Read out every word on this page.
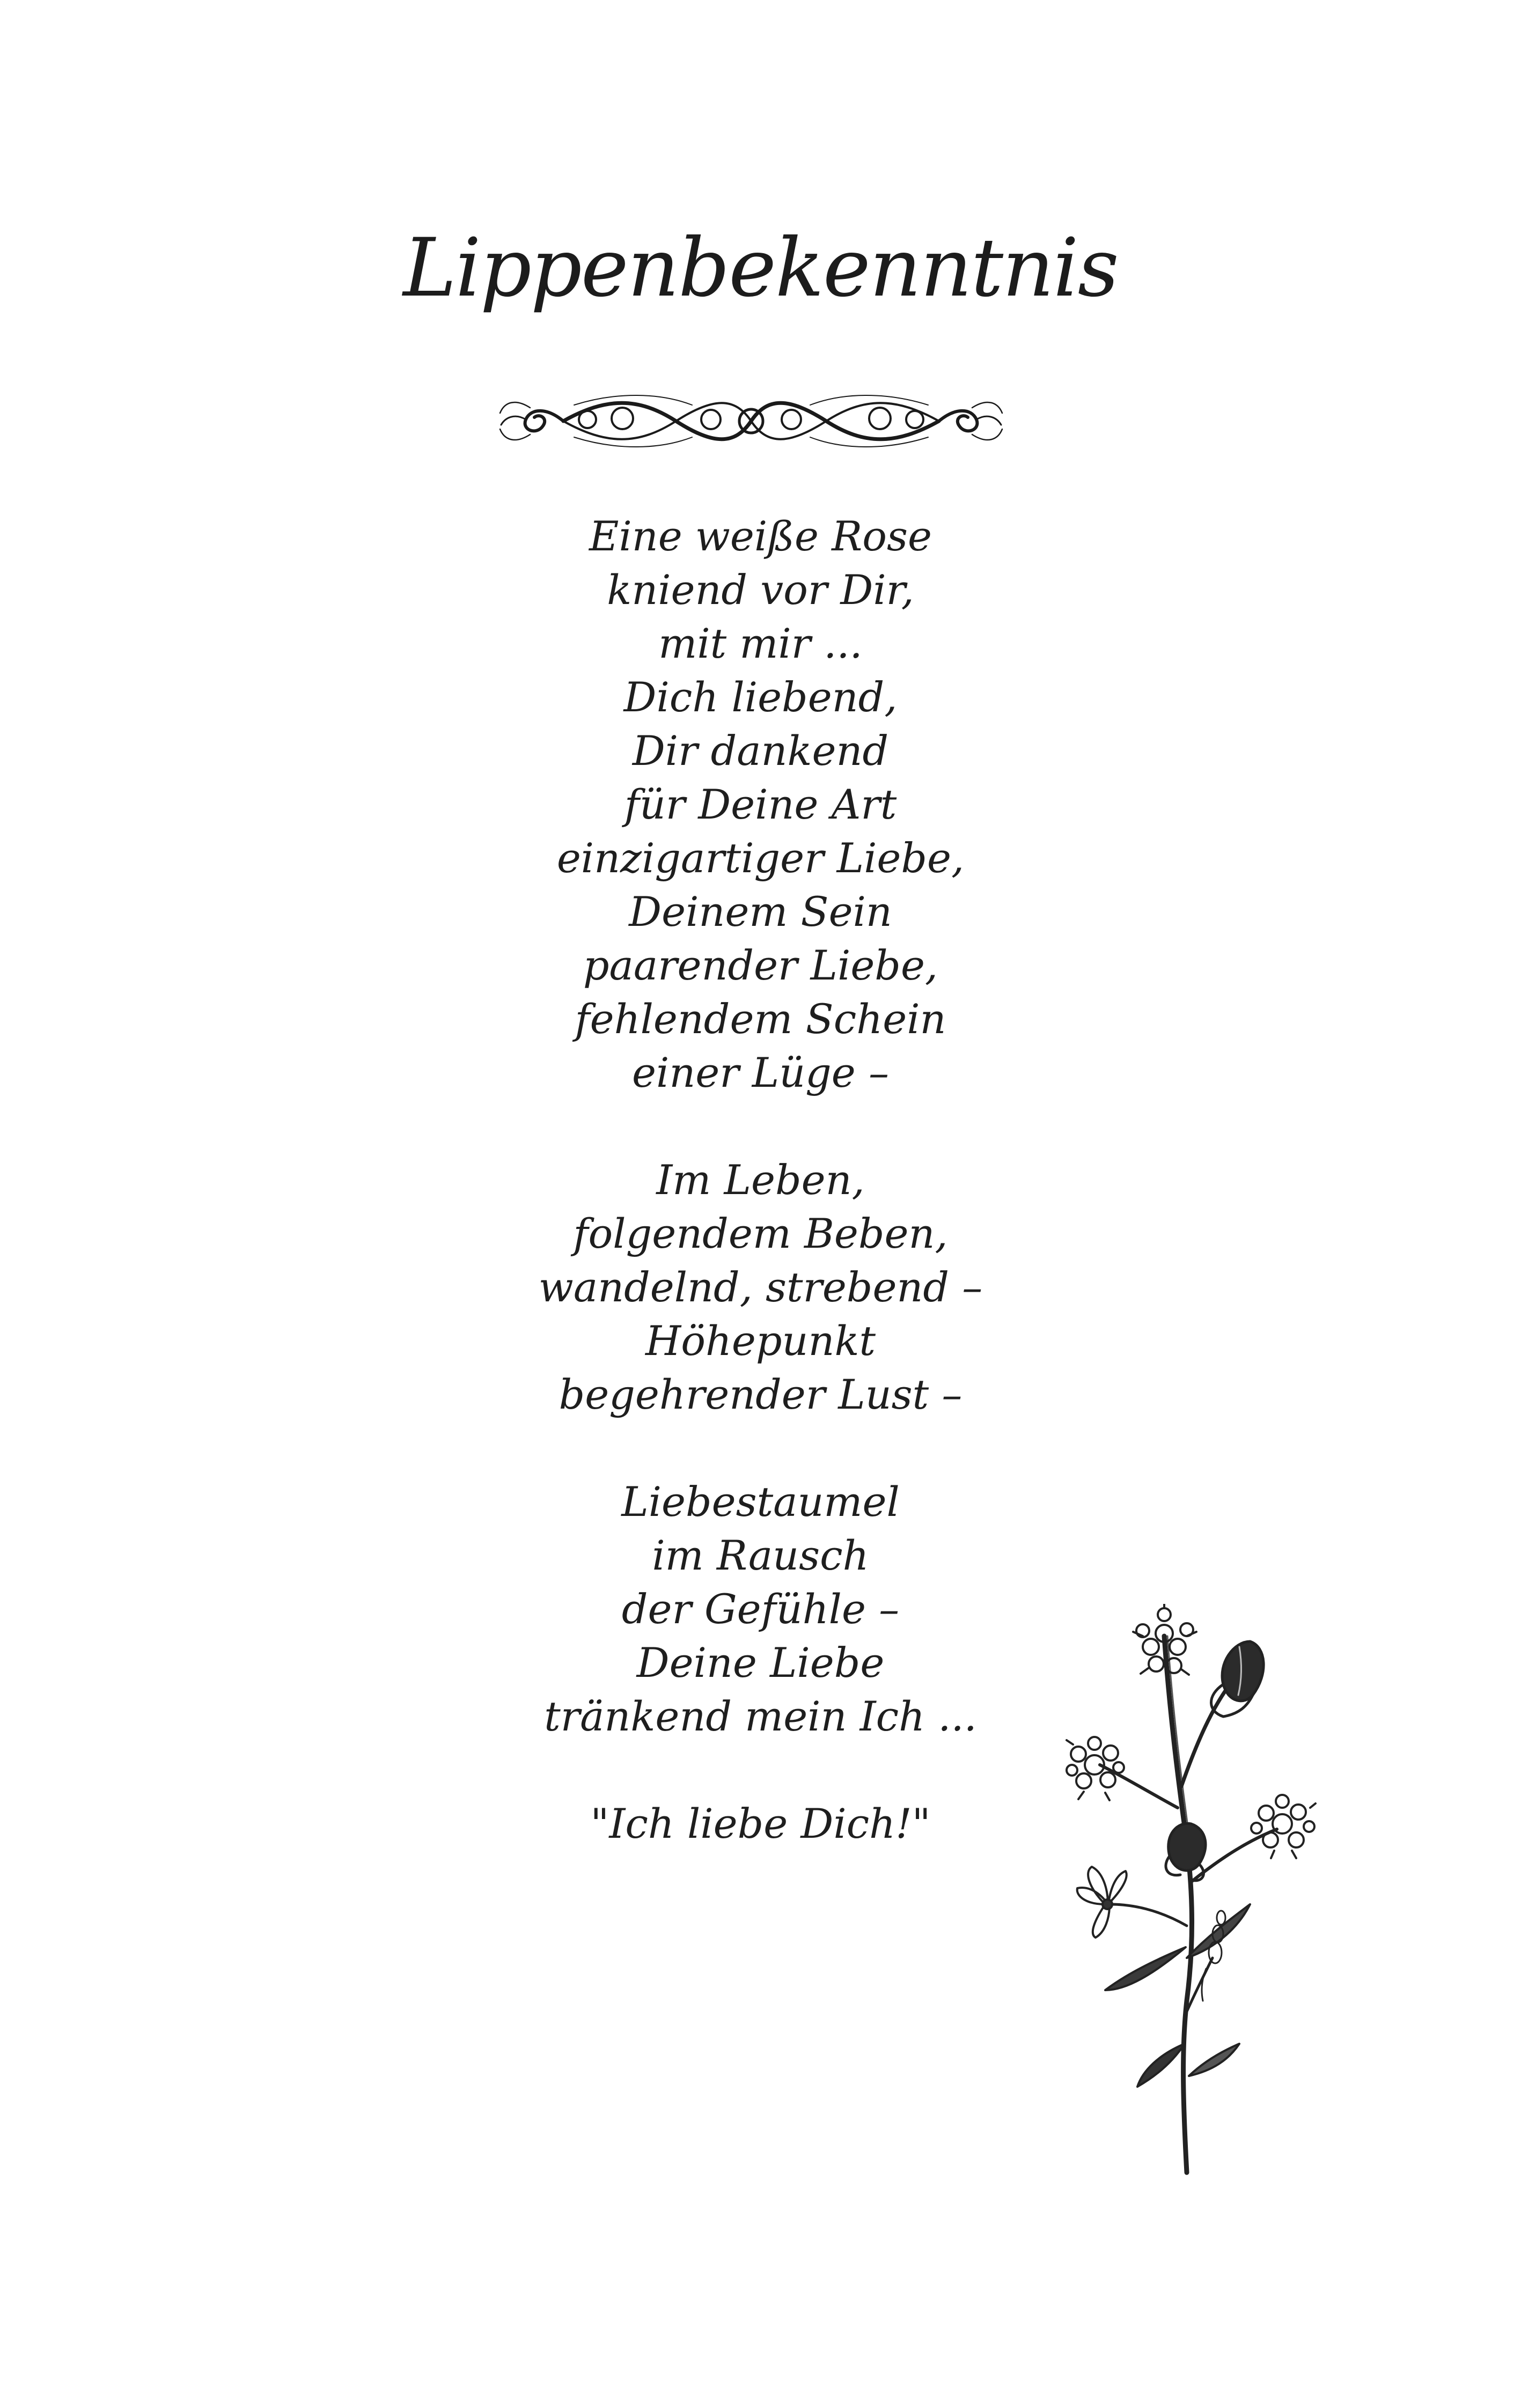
Lippenbekenntnis
Eine weiße Rose
kniend vor Dir,
mit mir ...
Dich liebend,
Dir dankend
für Deine Art
einzigartiger Liebe,
Deinem Sein
paarender Liebe,
fehlendem Schein
einer Lüge –
Im Leben,
folgendem Beben,
wandelnd, strebend –
Höhepunkt
begehrender Lust –
Liebestaumel
im Rausch
der Gefühle –
Deine Liebe
tränkend mein Ich ...
"Ich liebe Dich!"
